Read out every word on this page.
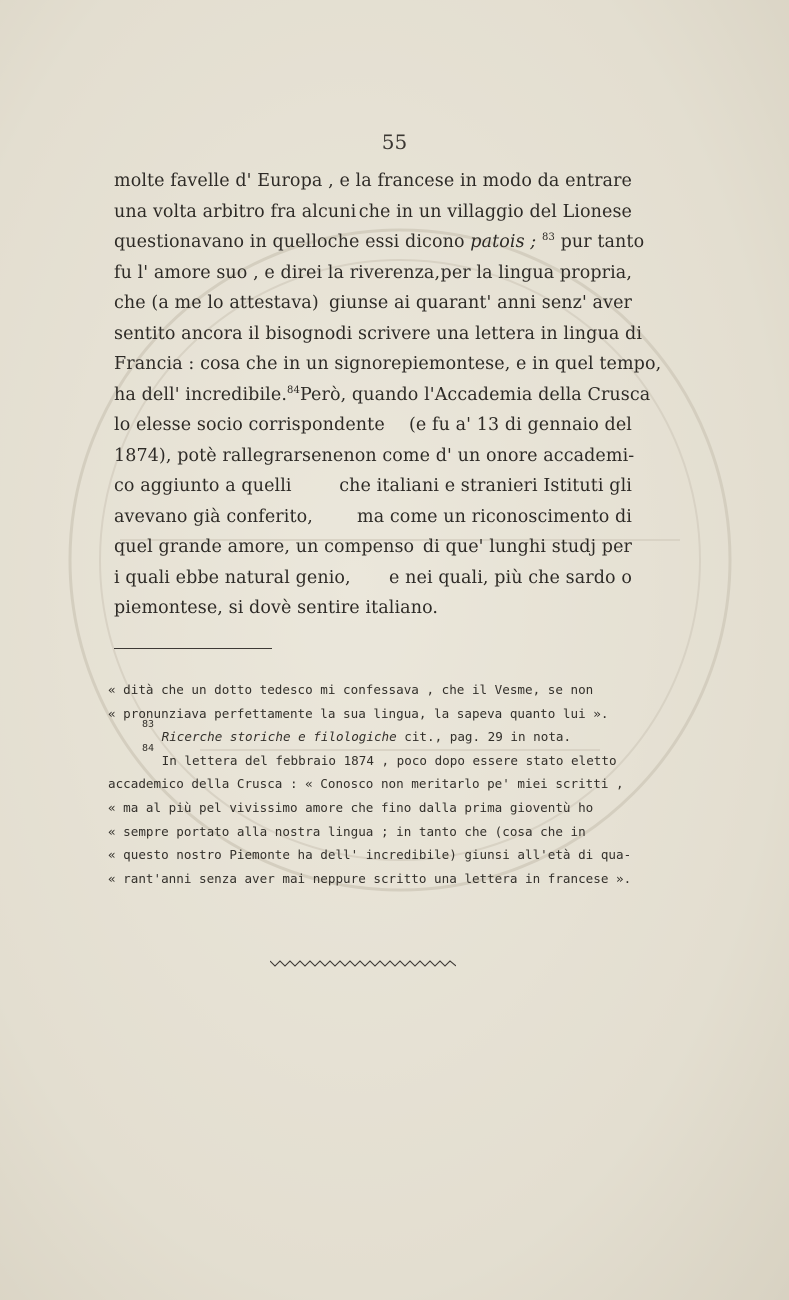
55
molte favelle d' Europa , e la francese in modo da entrare
una volta arbitro fra alcuni che in un villaggio del Lionese
questionavano in quello che essi dicono patois ; 83 pur tanto
fu l' amore suo , e direi la riverenza, per la lingua propria,
che (a me lo attestava) giunse ai quarant' anni senz' aver
sentito ancora il bisogno di scrivere una lettera in lingua di
Francia : cosa che in un signore piemontese, e in quel tempo,
ha dell' incredibile.84 Però, quando l'Accademia della Crusca
lo elesse socio corrispondente (e fu a' 13 di gennaio del
1874), potè rallegrarsene non come d' un onore accademi-
co aggiunto a quelli	che italiani e stranieri Istituti gli
avevano già conferito,	ma come un riconoscimento di
quel grande amore, un compenso di que' lunghi studj per
i quali ebbe natural genio, e nei quali, più che sardo o
piemontese, si dovè sentire italiano.
« dità che un dotto tedesco mi confessava , che il Vesme, se non
« pronunziava perfettamente la sua lingua, la sapeva quanto lui ».
83

Ricerche storiche e filologiche cit., pag. 29 in nota.
84
In lettera del febbraio 1874 , poco dopo essere stato eletto
accademico della Crusca : « Conosco non meritarlo pe' miei scritti ,
« ma al più pel vivissimo amore che fino dalla prima gioventù ho
« sempre portato alla nostra lingua ; in tanto che (cosa che in
« questo nostro Piemonte ha dell' incredibile) giunsi all'età di qua-
« rant'anni senza aver mai neppure scritto una lettera in francese ».
